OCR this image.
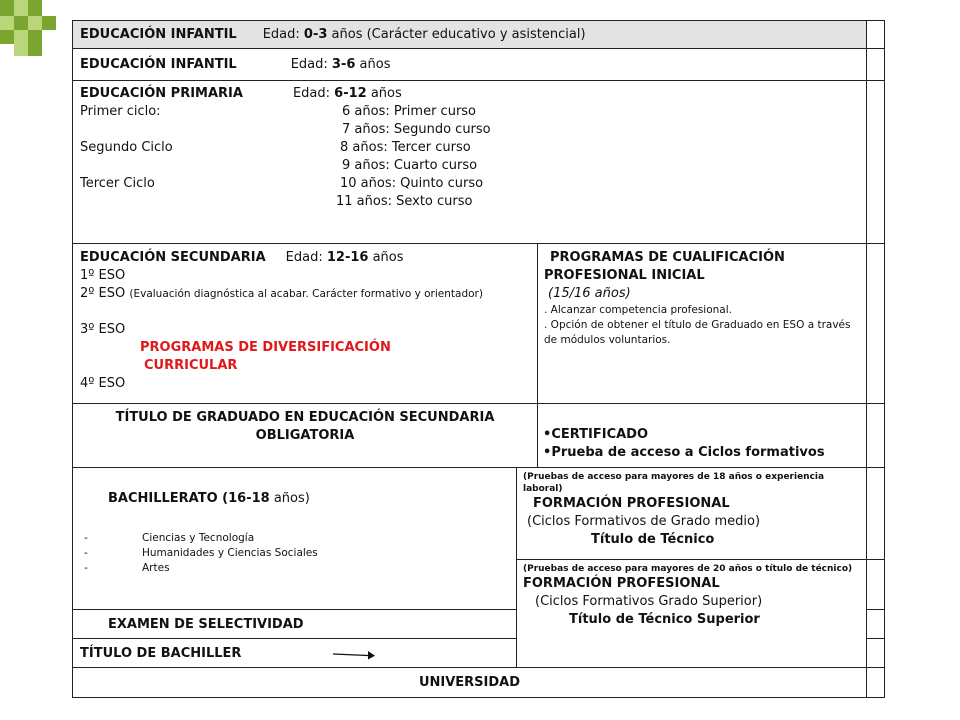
EDUCACIÓN INFANTIL Edad: 0-3 años (Carácter educativo y asistencial)
EDUCACIÓN INFANTIL	Edad: 3-6 años
EDUCACIÓN PRIMARIA	Edad: 6-12 años
Primer ciclo:	6 años: Primer curso
7 años: Segundo curso
Segundo Ciclo	8 años: Tercer curso
9 años: Cuarto curso
Tercer Ciclo	10 años: Quinto curso
11 años: Sexto curso
EDUCACIÓN SECUNDARIA Edad: 12-16 años
1º ESO
2º ESO (Evaluación diagnóstica al acabar. Carácter formativo y orientador)
3º ESO
PROGRAMAS DE DIVERSIFICACIÓN
CURRICULAR
4º ESO
PROGRAMAS DE CUALIFICACIÓN
PROFESIONAL INICIAL
(15/16 años)
. Alcanzar competencia profesional.
. Opción de obtener el título de Graduado en ESO a través de módulos voluntarios.
TÍTULO DE GRADUADO EN EDUCACIÓN SECUNDARIA
OBLIGATORIA	•CERTIFICADO
•Prueba de acceso a Ciclos formativos
BACHILLERATO (16-18 años)
-	Ciencias y Tecnología
-	Humanidades y Ciencias Sociales
-	Artes
(Pruebas de acceso para mayores de 18 años o experiencia laboral)
FORMACIÓN PROFESIONAL
(Ciclos Formativos de Grado medio)
Título de Técnico
(Pruebas de acceso para mayores de 20 años o título de técnico)
FORMACIÓN PROFESIONAL
(Ciclos Formativos Grado Superior)
Título de Técnico Superior
EXAMEN DE SELECTIVIDAD
TÍTULO DE BACHILLER
UNIVERSIDAD
